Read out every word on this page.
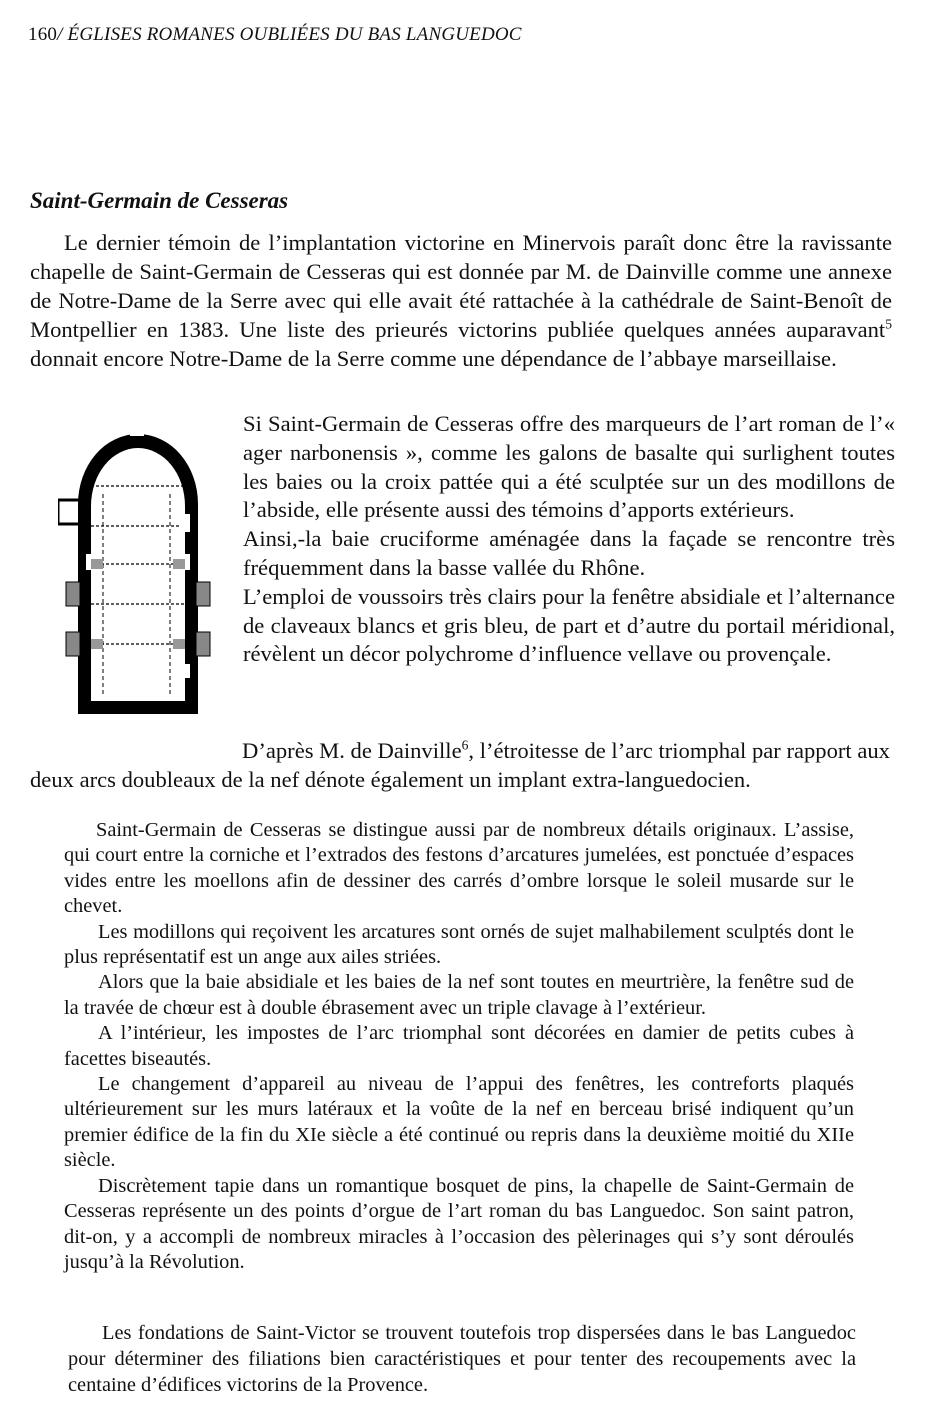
160/ ÉGLISES ROMANES OUBLIÉES DU BAS LANGUEDOC
Saint-Germain de Cesseras

Le dernier témoin de l’implantation victorine en Minervois paraît donc être la ravissante chapelle de Saint-Germain de Cesseras qui est donnée par M. de Dainville comme une annexe de Notre-Dame de la Serre avec qui elle avait été rattachée à la cathédrale de Saint-Benoît de Montpellier en 1383. Une liste des prieurés victorins publiée quelques années auparavant$^5$ donnait encore Notre-Dame de la Serre comme une dépendance de l’abbaye marseillaise.

Si Saint-Germain de Cesseras offre des marqueurs de l’art roman de l’« ager narbonensis », comme les galons de basalte qui surlighent toutes les baies ou la croix pattée qui a été sculptée sur un des modillons de l’abside, elle présente aussi des témoins d’apports extérieurs.

Ainsi,-la baie cruciforme aménagée dans la façade se rencontre très fréquemment dans la basse vallée du Rhône.

L’emploi de voussoirs très clairs pour la fenêtre absidiale et l’alternance de claveaux blancs et gris bleu, de part et d’autre du portail méridional, révèlent un décor polychrome d’influence vellave ou provençale.

D’après M. de Dainville$^6$, l’étroitesse de l’arc triomphal par rapport aux deux arcs doubleaux de la nef dénote également un implant extra-languedocien.

Saint-Germain de Cesseras se distingue aussi par de nombreux détails originaux. L’assise, qui court entre la corniche et l’extrados des festons d’arcatures jumelées, est ponctuée d’espaces vides entre les moellons afin de dessiner des carrés d’ombre lorsque le soleil musarde sur le chevet.

Les modillons qui reçoivent les arcatures sont ornés de sujet malhabilement sculptés dont le plus représentatif est un ange aux ailes striées.

Alors que la baie absidiale et les baies de la nef sont toutes en meurtrière, la fenêtre sud de la travée de chœur est à double ébrasement avec un triple clavage à l’extérieur.

A l’intérieur, les impostes de l’arc triomphal sont décorées en damier de petits cubes à facettes biseautés.

Le changement d’appareil au niveau de l’appui des fenêtres, les contreforts plaqués ultérieurement sur les murs latéraux et la voûte de la nef en berceau brisé indiquent qu’un premier édifice de la fin du XIe siècle a été continué ou repris dans la deuxième moitié du XIIe siècle.

Discrètement tapie dans un romantique bosquet de pins, la chapelle de Saint-Germain de Cesseras représente un des points d’orgue de l’art roman du bas Languedoc. Son saint patron, dit-on, y a accompli de nombreux miracles à l’occasion des pèlerinages qui s’y sont déroulés jusqu’à la Révolution.

Les fondations de Saint-Victor se trouvent toutefois trop dispersées dans le bas Languedoc pour déterminer des filiations bien caractéristiques et pour tenter des recoupements avec la centaine d’édifices victorins de la Provence.
